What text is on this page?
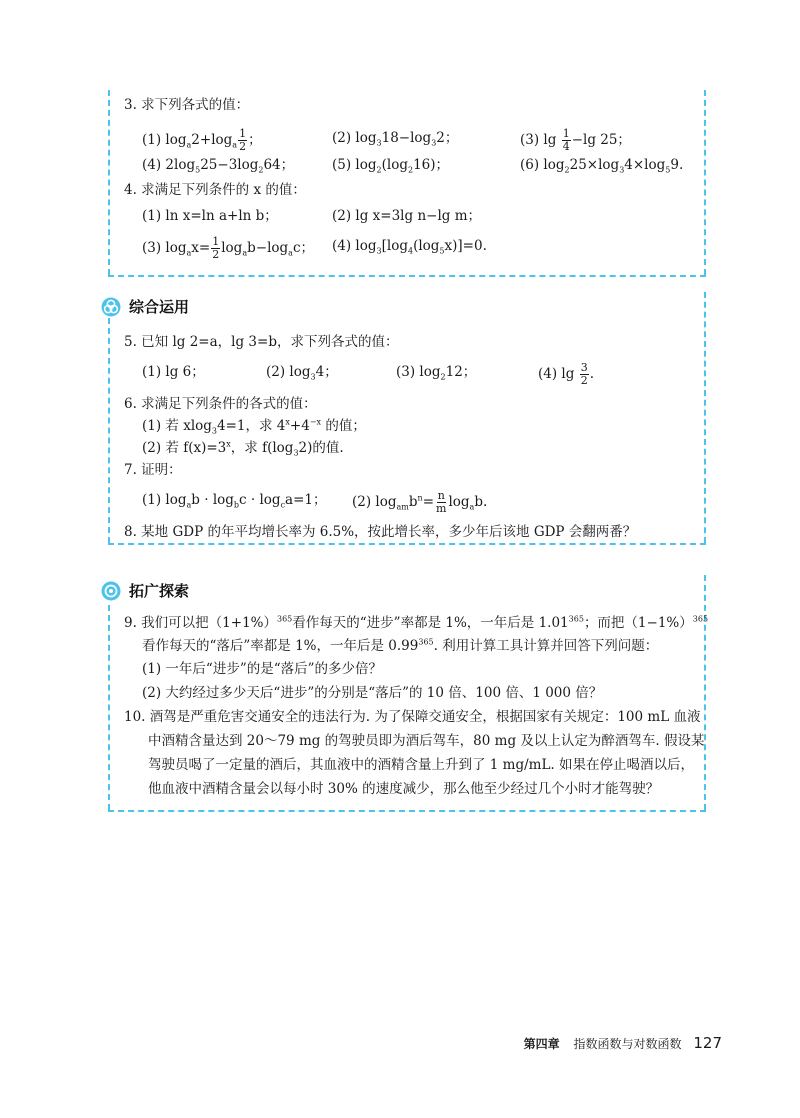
3. 求下列各式的值：
(1) $\log_a2+\log_a \frac{1}{2}$ ；	(2) $\log_318-\log_32$；	(3) $\lg \frac{1}{4} -\lg$ 25；
(4) $2\log_525-3\log_264$；	(5) $\log_2(\log_216)$；	(6) $\log_225\times\log_34\times\log_59$.
4. 求满足下列条件的 x 的值：
(1) ln x=ln a+ln b；	(2) lg x=3lg n−lg m；
(3) $\log_ax= \frac{1}{2} \log_ab-\log_ac$； (4) $\log_3[\log_4(\log_5x)]=0$.
综合运用
5. 已知 lg 2=a，lg 3=b，求下列各式的值：
(1) lg 6；	(2) $\log_34$；	(3) $\log_212$；	(4) $\lg \frac{3}{2}$ .
6. 求满足下列条件的各式的值：
(1) 若 xlog$_3$4=1，求 $4^x+4^{-x}$ 的值；
(2) 若 $f(x)=3^x$，求 $f(\log_32)$的值.
7. 证明：
(1) $\log_ab \cdot \log_bc \cdot \log_ca=1$； (2) $\log_{am}b^n= \frac{n}{m} \log_ab$.
8. 某地 GDP 的年平均增长率为 6.5%，按此增长率，多少年后该地 GDP 会翻两番？
拓广探索
9. 我们可以把$(1+1\%)^{365}$看作每天的“进步”率都是 1%，一年后是 1.01$^{365}$；而把$(1-1\%)^{365}$
看作每天的“落后”率都是 1%，一年后是 0.99$^{365}$. 利用计算工具计算并回答下列问题：
(1) 一年后“进步”的是“落后”的多少倍？
(2) 大约经过多少天后“进步”的分别是“落后”的 10 倍、100 倍、1 000 倍？
10. 酒驾是严重危害交通安全的违法行为. 为了保障交通安全，根据国家有关规定：100 mL 血液
中酒精含量达到 20～79 mg 的驾驶员即为酒后驾车，80 mg 及以上认定为醉酒驾车. 假设某
驾驶员喝了一定量的酒后，其血液中的酒精含量上升到了 1 mg/mL. 如果在停止喝酒以后，
他血液中酒精含量会以每小时 30% 的速度减少，那么他至少经过几个小时才能驾驶？
第四章 指数函数与对数函数 127
